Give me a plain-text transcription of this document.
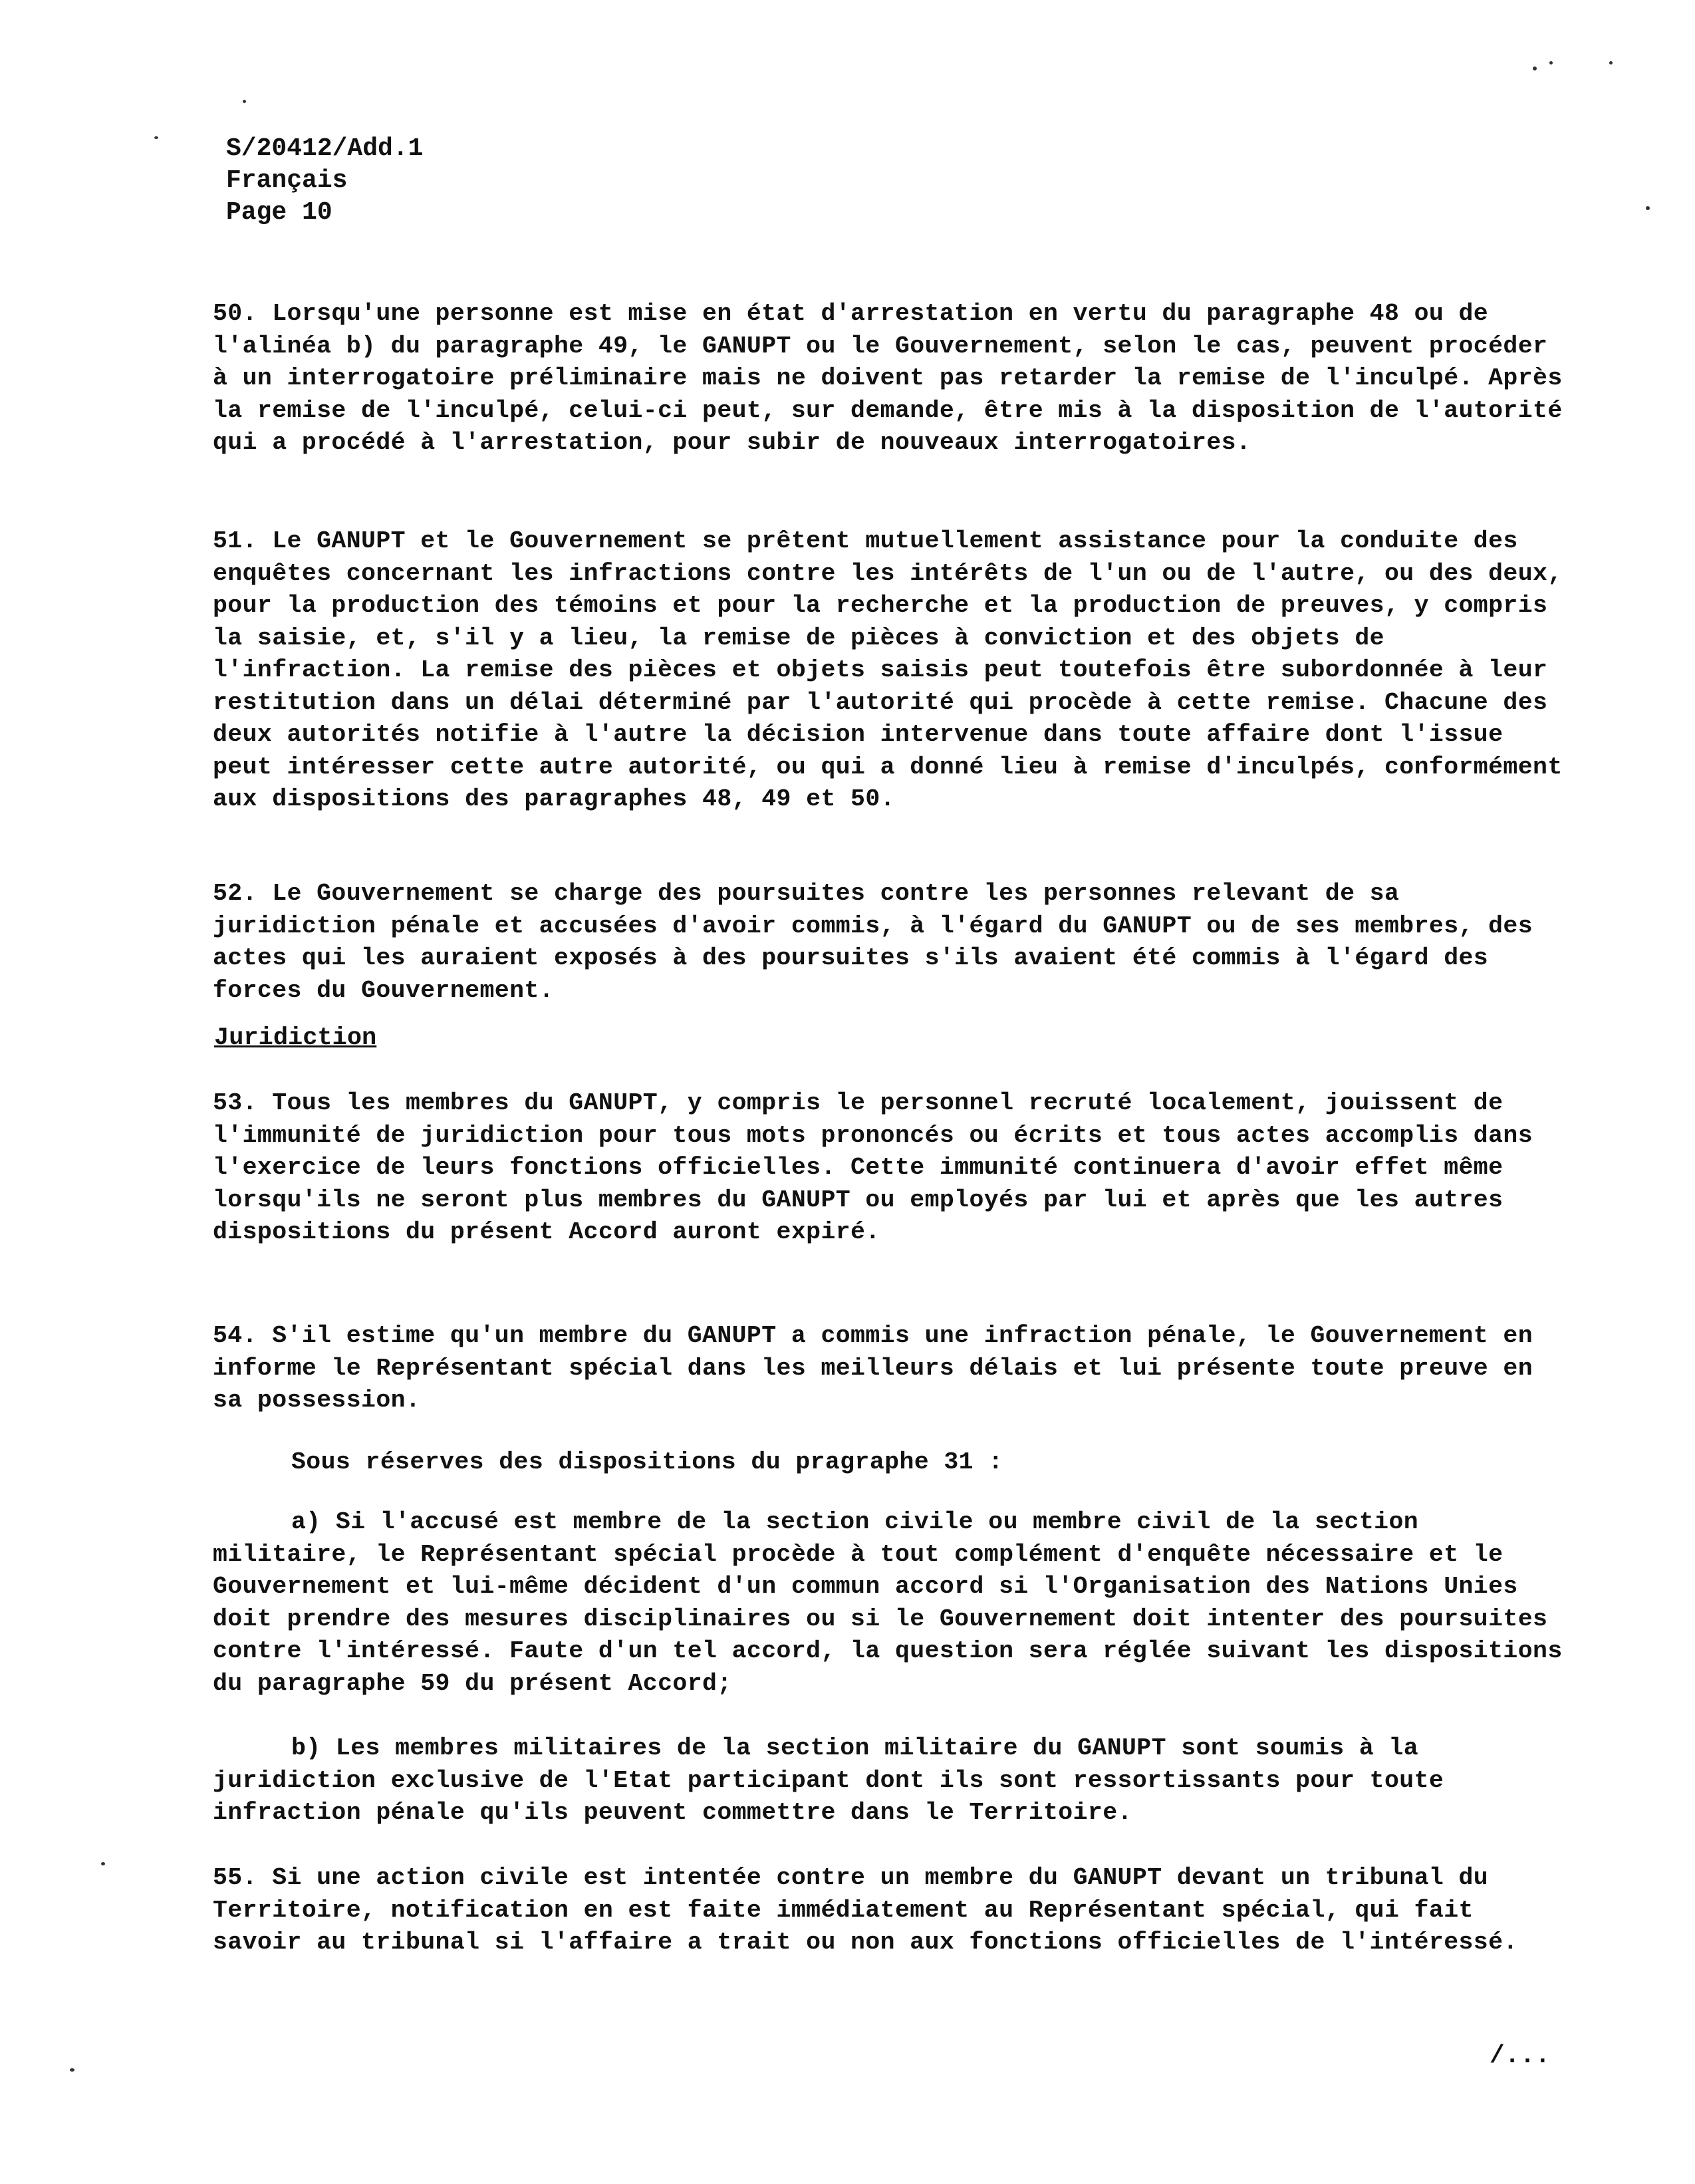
S/20412/Add.1
Français
Page 10

50. Lorsqu'une personne est mise en état d'arrestation en vertu du paragraphe 48 ou de l'alinéa b) du paragraphe 49, le GANUPT ou le Gouvernement, selon le cas, peuvent procéder à un interrogatoire préliminaire mais ne doivent pas retarder la remise de l'inculpé. Après la remise de l'inculpé, celui-ci peut, sur demande, être mis à la disposition de l'autorité qui a procédé à l'arrestation, pour subir de nouveaux interrogatoires.

51. Le GANUPT et le Gouvernement se prêtent mutuellement assistance pour la conduite des enquêtes concernant les infractions contre les intérêts de l'un ou de l'autre, ou des deux, pour la production des témoins et pour la recherche et la production de preuves, y compris la saisie, et, s'il y a lieu, la remise de pièces à conviction et des objets de l'infraction. La remise des pièces et objets saisis peut toutefois être subordonnée à leur restitution dans un délai déterminé par l'autorité qui procède à cette remise. Chacune des deux autorités notifie à l'autre la décision intervenue dans toute affaire dont l'issue peut intéresser cette autre autorité, ou qui a donné lieu à remise d'inculpés, conformément aux dispositions des paragraphes 48, 49 et 50.

52. Le Gouvernement se charge des poursuites contre les personnes relevant de sa juridiction pénale et accusées d'avoir commis, à l'égard du GANUPT ou de ses membres, des actes qui les auraient exposés à des poursuites s'ils avaient été commis à l'égard des forces du Gouvernement.

Juridiction

53. Tous les membres du GANUPT, y compris le personnel recruté localement, jouissent de l'immunité de juridiction pour tous mots prononcés ou écrits et tous actes accomplis dans l'exercice de leurs fonctions officielles. Cette immunité continuera d'avoir effet même lorsqu'ils ne seront plus membres du GANUPT ou employés par lui et après que les autres dispositions du présent Accord auront expiré.

54. S'il estime qu'un membre du GANUPT a commis une infraction pénale, le Gouvernement en informe le Représentant spécial dans les meilleurs délais et lui présente toute preuve en sa possession.

Sous réserves des dispositions du pragraphe 31 :

a) Si l'accusé est membre de la section civile ou membre civil de la section militaire, le Représentant spécial procède à tout complément d'enquête nécessaire et le Gouvernement et lui-même décident d'un commun accord si l'Organisation des Nations Unies doit prendre des mesures disciplinaires ou si le Gouvernement doit intenter des poursuites contre l'intéressé. Faute d'un tel accord, la question sera réglée suivant les dispositions du paragraphe 59 du présent Accord;

b) Les membres militaires de la section militaire du GANUPT sont soumis à la juridiction exclusive de l'Etat participant dont ils sont ressortissants pour toute infraction pénale qu'ils peuvent commettre dans le Territoire.

55. Si une action civile est intentée contre un membre du GANUPT devant un tribunal du Territoire, notification en est faite immédiatement au Représentant spécial, qui fait savoir au tribunal si l'affaire a trait ou non aux fonctions officielles de l'intéressé.

/...
